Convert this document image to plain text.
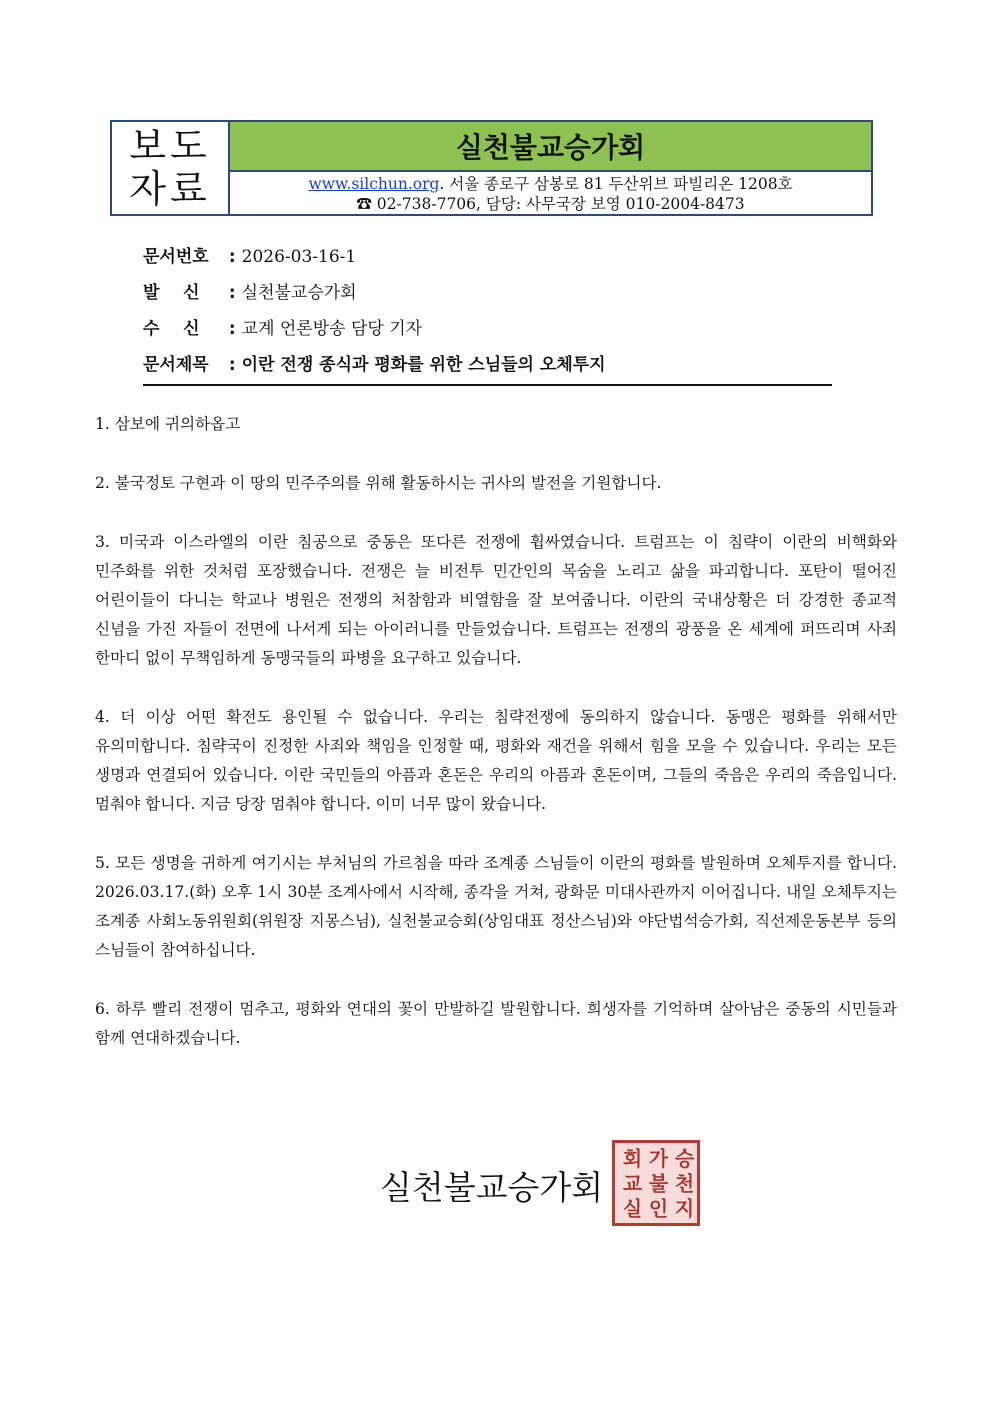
보도
자료
실천불교승가회
www.silchun.org. 서울 종로구 삼봉로 81 두산위브 파빌리온 1208호
☎ 02-738-7706, 담당: 사무국장 보영 010-2004-8473
문서번호 : 2026-03-16-1
발    신 : 실천불교승가회
수    신 : 교계 언론방송 담당 기자
문서제목 : 이란 전쟁 종식과 평화를 위한 스님들의 오체투지

1. 삼보에 귀의하옵고

2. 불국정토 구현과 이 땅의 민주주의를 위해 활동하시는 귀사의 발전을 기원합니다.

3. 미국과 이스라엘의 이란 침공으로 중동은 또다른 전쟁에 휩싸였습니다. 트럼프는 이 침략이 이란의 비핵화와 민주화를 위한 것처럼 포장했습니다. 전쟁은 늘 비전투 민간인의 목숨을 노리고 삶을 파괴합니다. 포탄이 떨어진 어린이들이 다니는 학교나 병원은 전쟁의 처참함과 비열함을 잘 보여줍니다. 이란의 국내상황은 더 강경한 종교적 신념을 가진 자들이 전면에 나서게 되는 아이러니를 만들었습니다. 트럼프는 전쟁의 광풍을 온 세계에 퍼뜨리며 사죄 한마디 없이 무책임하게 동맹국들의 파병을 요구하고 있습니다.

4. 더 이상 어떤 확전도 용인될 수 없습니다. 우리는 침략전쟁에 동의하지 않습니다. 동맹은 평화를 위해서만 유의미합니다. 침략국이 진정한 사죄와 책임을 인정할 때, 평화와 재건을 위해서 힘을 모을 수 있습니다. 우리는 모든 생명과 연결되어 있습니다. 이란 국민들의 아픔과 혼돈은 우리의 아픔과 혼돈이며, 그들의 죽음은 우리의 죽음입니다. 멈춰야 합니다. 지금 당장 멈춰야 합니다. 이미 너무 많이 왔습니다.

5. 모든 생명을 귀하게 여기시는 부처님의 가르침을 따라 조계종 스님들이 이란의 평화를 발원하며 오체투지를 합니다. 2026.03.17.(화) 오후 1시 30분 조계사에서 시작해, 종각을 거쳐, 광화문 미대사관까지 이어집니다. 내일 오체투지는 조계종 사회노동위원회(위원장 지몽스님), 실천불교승회(상임대표 정산스님)와 야단법석승가회, 직선제운동본부 등의 스님들이 참여하십니다.

6. 하루 빨리 전쟁이 멈추고, 평화와 연대의 꽃이 만발하길 발원합니다. 희생자를 기억하며 살아남은 중동의 시민들과 함께 연대하겠습니다.

실천불교승가회
회 가 승
교 불 천
실 인 지
